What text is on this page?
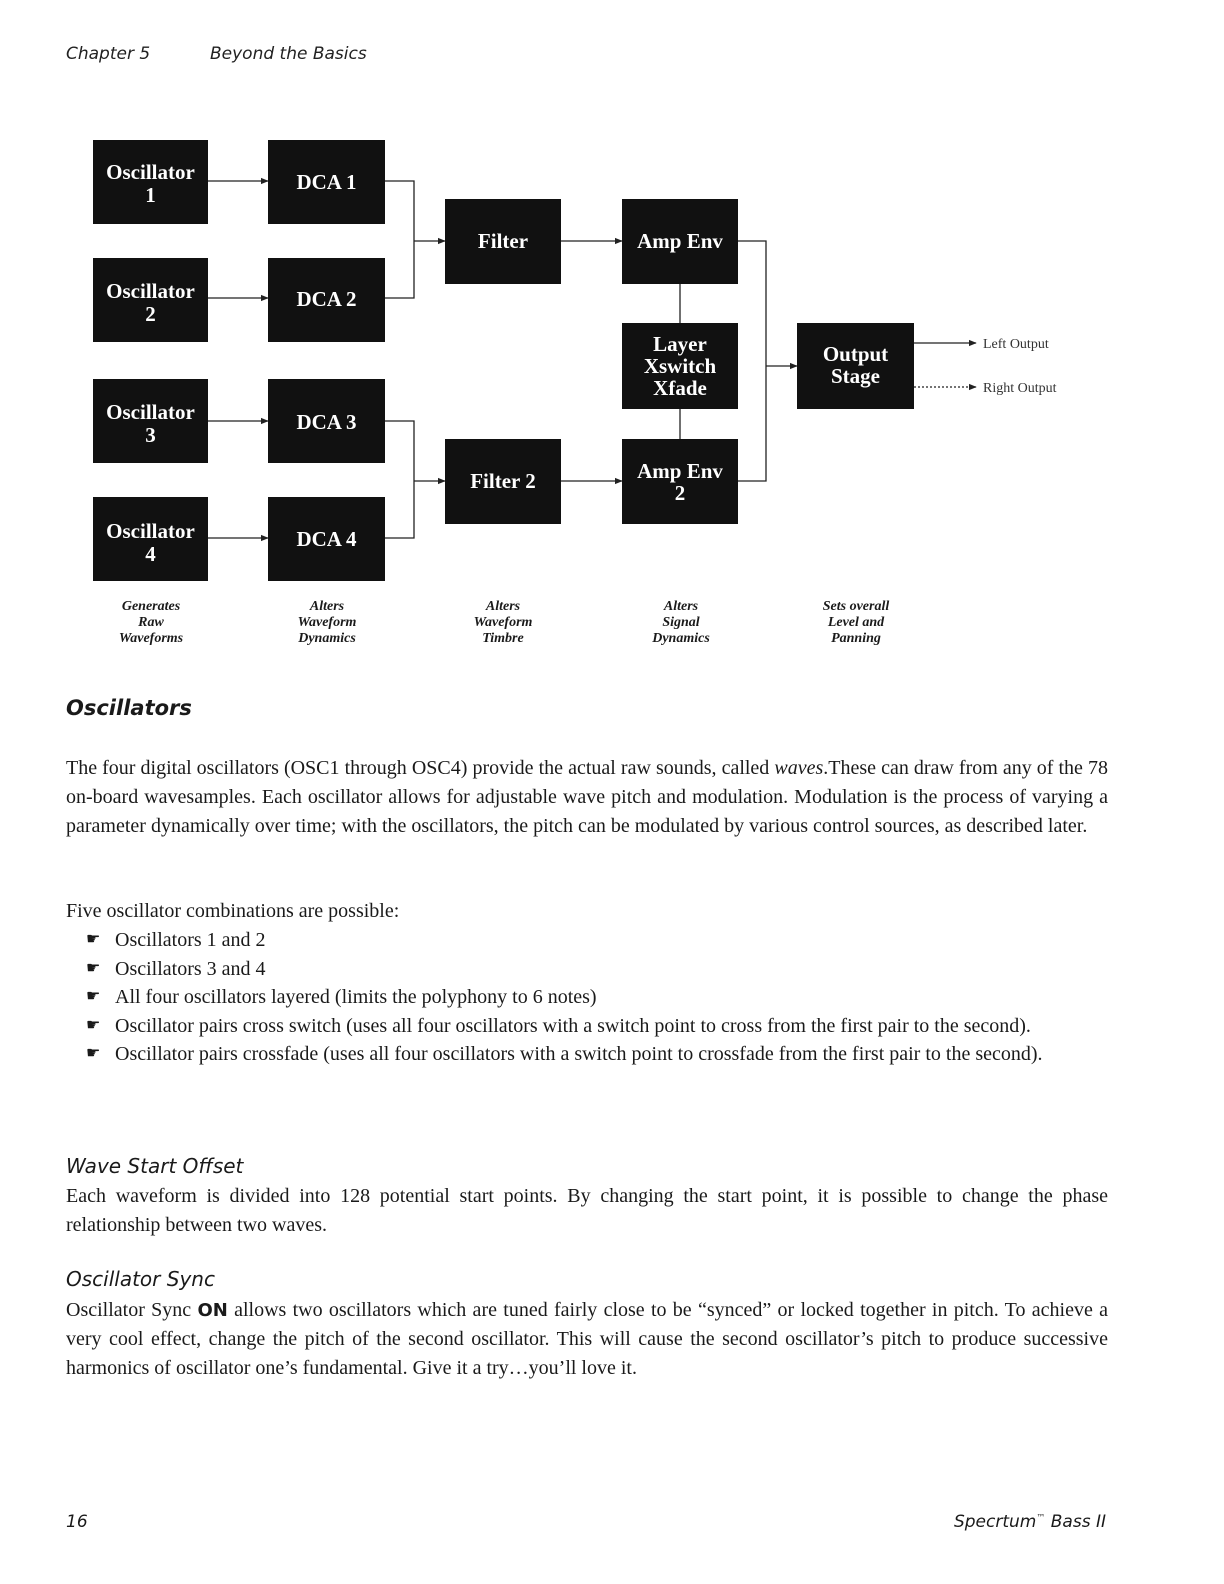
Chapter 5	Beyond the Basics
Oscillator
1
Oscillator
2
Oscillator
3
Oscillator
4
DCA 1
DCA 2
DCA 3
DCA 4
Filter
Filter 2
Amp Env
Layer
Xswitch
Xfade
Amp Env
2
Output
Stage
Left Output
Right Output
Generates
Raw
Waveforms
Alters
Waveform
Dynamics
Alters
Waveform
Timbre
Alters
Signal
Dynamics
Sets overall
Level and
Panning
Oscillators
The four digital oscillators (OSC1 through OSC4) provide the actual raw sounds, called waves.These can draw from any of the 78 on-board wavesamples. Each oscillator allows for adjustable wave pitch and modulation. Modulation is the process of varying a parameter dynamically over time; with the oscillators, the pitch can be modulated by various control sources, as described later.
Five oscillator combinations are possible:
☛ Oscillators 1 and 2
☛ Oscillators 3 and 4
☛ All four oscillators layered (limits the polyphony to 6 notes)
☛ Oscillator pairs cross switch (uses all four oscillators with a switch point to cross from the first pair to the second).
☛ Oscillator pairs crossfade (uses all four oscillators with a switch point to crossfade from the first pair to the second).
Wave Start Offset
Each waveform is divided into 128 potential start points. By changing the start point, it is possible to change the phase relationship between two waves.
Oscillator Sync
Oscillator Sync ON allows two oscillators which are tuned fairly close to be “synced” or locked together in pitch. To achieve a very cool effect, change the pitch of the second oscillator. This will cause the second oscillator’s pitch to produce successive harmonics of oscillator one’s fundamental. Give it a try…you’ll love it.
16	Specrtum™ Bass II
